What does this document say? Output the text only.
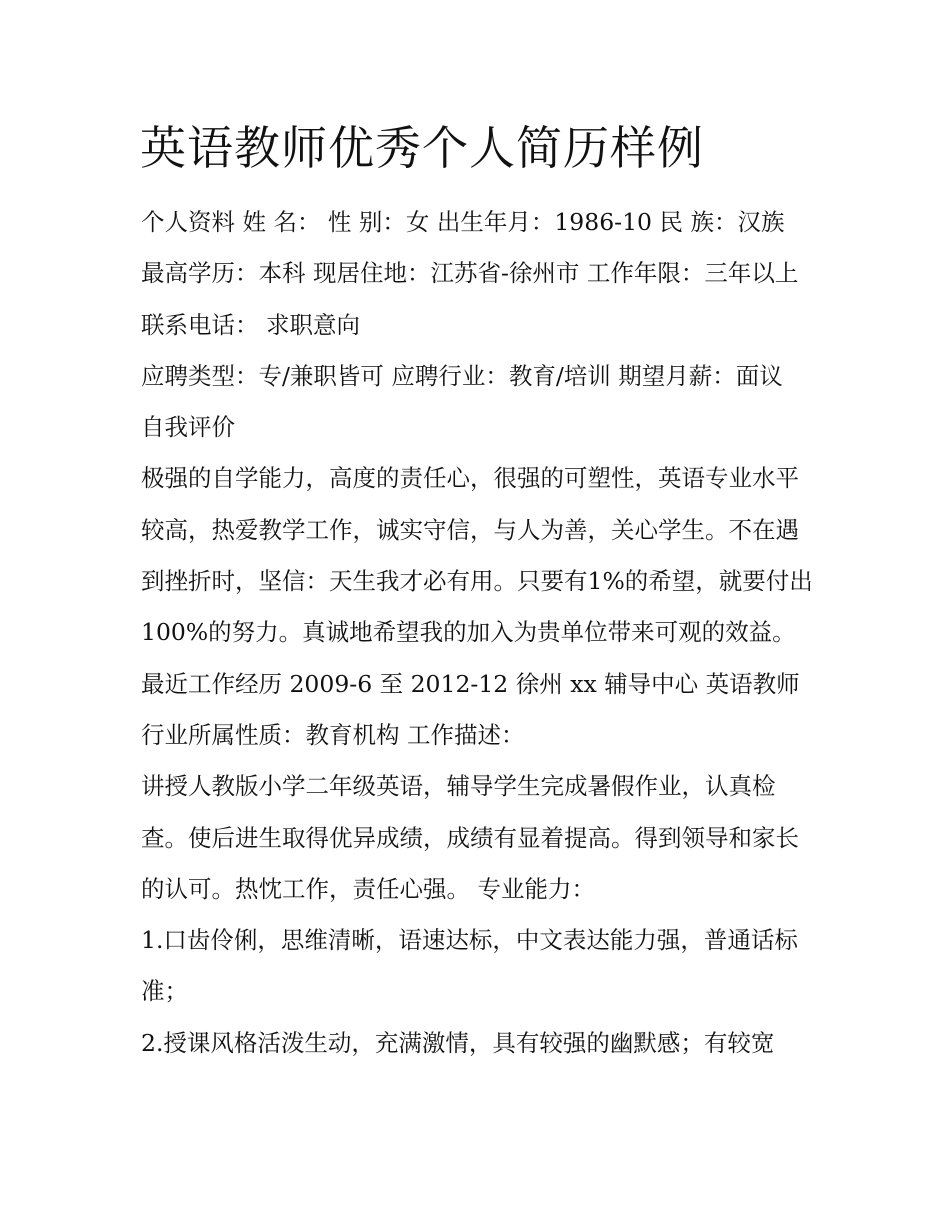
英语教师优秀个人简历样例

个人资料 姓 名： 性 别：女 出生年月：1986-10 民 族：汉族 最高学历：本科 现居住地：江苏省-徐州市 工作年限：三年以上 联系电话： 求职意向

应聘类型：专/兼职皆可 应聘行业：教育/培训 期望月薪：面议 自我评价

极强的自学能力，高度的责任心，很强的可塑性，英语专业水平较高，热爱教学工作，诚实守信，与人为善，关心学生。不在遇到挫折时，坚信：天生我才必有用。只要有1%的希望，就要付出100%的努力。真诚地希望我的加入为贵单位带来可观的效益。

最近工作经历 2009-6 至 2012-12 徐州 xx 辅导中心 英语教师 行业所属性质：教育机构 工作描述：

讲授人教版小学二年级英语，辅导学生完成暑假作业，认真检查。使后进生取得优异成绩，成绩有显着提高。得到领导和家长的认可。热忱工作，责任心强。 专业能力：

1.口齿伶俐，思维清晰，语速达标，中文表达能力强，普通话标准；

2.授课风格活泼生动，充满激情，具有较强的幽默感；有较宽
